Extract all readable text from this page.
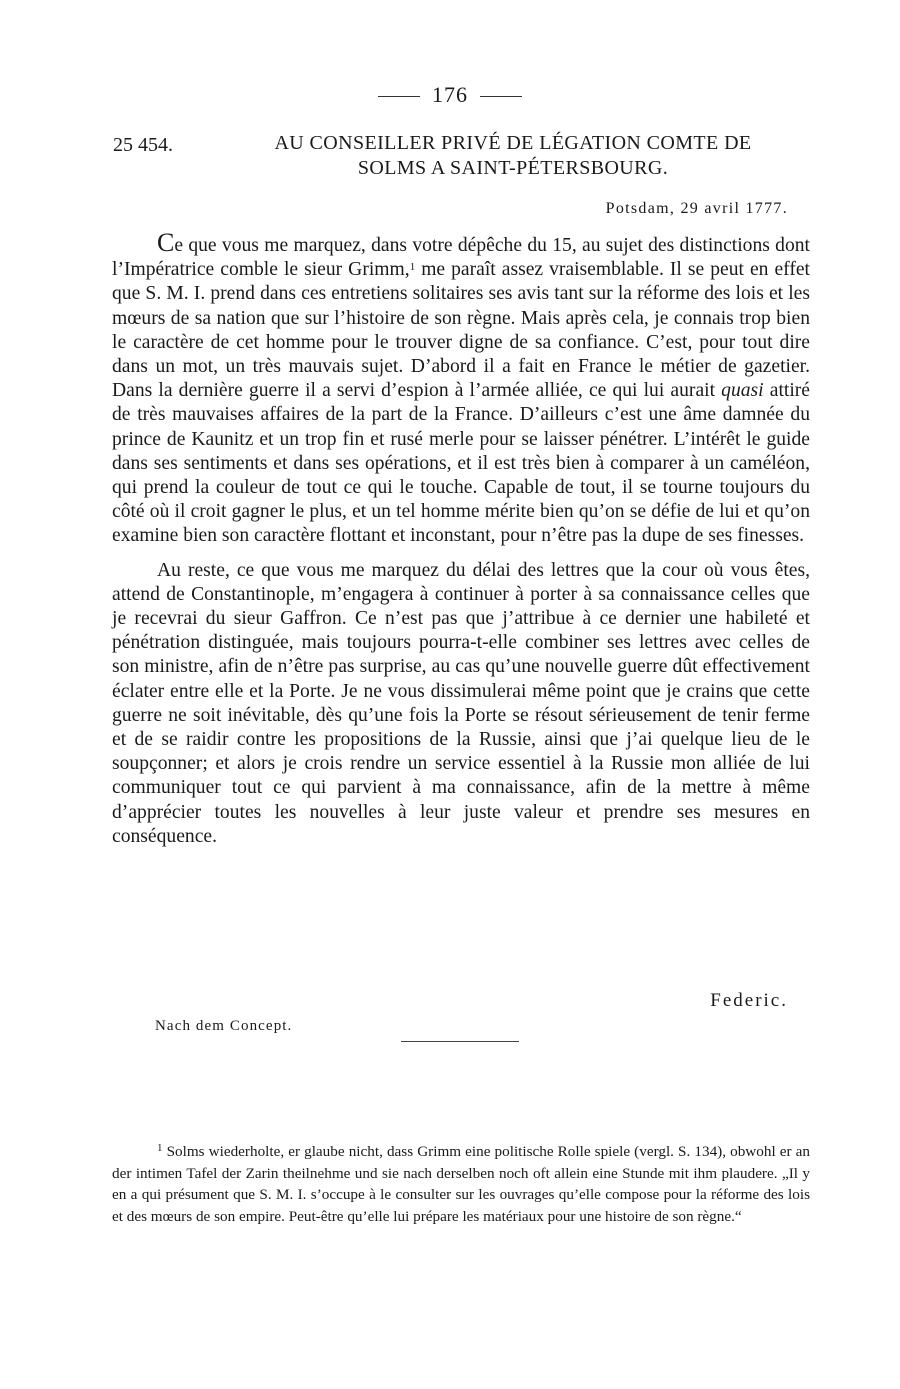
176
25 454.	AU CONSEILLER PRIVÉ DE LÉGATION COMTE DE
SOLMS A SAINT-PÉTERSBOURG.
Potsdam, 29 avril 1777.

Ce que vous me marquez, dans votre dépêche du 15, au sujet des distinctions dont l’Impératrice comble le sieur Grimm,$^1$ me paraît assez vraisemblable. Il se peut en effet que S. M. I. prend dans ces entretiens solitaires ses avis tant sur la réforme des lois et les mœurs de sa nation que sur l’histoire de son règne. Mais après cela, je connais trop bien le caractère de cet homme pour le trouver digne de sa confiance. C’est, pour tout dire dans un mot, un très mauvais sujet. D’abord il a fait en France le métier de gazetier. Dans la dernière guerre il a servi d’espion à l’armée alliée, ce qui lui aurait quasi attiré de très mauvaises affaires de la part de la France. D’ailleurs c’est une âme damnée du prince de Kaunitz et un trop fin et rusé merle pour se laisser pénétrer. L’intérêt le guide dans ses sentiments et dans ses opérations, et il est très bien à comparer à un caméléon, qui prend la couleur de tout ce qui le touche. Capable de tout, il se tourne toujours du côté où il croit gagner le plus, et un tel homme mérite bien qu’on se défie de lui et qu’on examine bien son caractère flottant et inconstant, pour n’être pas la dupe de ses finesses.

Au reste, ce que vous me marquez du délai des lettres que la cour où vous êtes, attend de Constantinople, m’engagera à continuer à porter à sa connaissance celles que je recevrai du sieur Gaffron. Ce n’est pas que j’attribue à ce dernier une habileté et pénétration distinguée, mais toujours pourra-t-elle combiner ses lettres avec celles de son ministre, afin de n’être pas surprise, au cas qu’une nouvelle guerre dût effectivement éclater entre elle et la Porte. Je ne vous dissimulerai même point que je crains que cette guerre ne soit inévitable, dès qu’une fois la Porte se résout sérieusement de tenir ferme et de se raidir contre les propositions de la Russie, ainsi que j’ai quelque lieu de le soupçonner; et alors je crois rendre un service essentiel à la Russie mon alliée de lui communiquer tout ce qui parvient à ma connaissance, afin de la mettre à même d’apprécier toutes les nouvelles à leur juste valeur et prendre ses mesures en conséquence.

Federic.
Nach dem Concept.

$^1$ Solms wiederholte, er glaube nicht, dass Grimm eine politische Rolle spiele (vergl. S. 134), obwohl er an der intimen Tafel der Zarin theilnehme und sie nach derselben noch oft allein eine Stunde mit ihm plaudere. „Il y en a qui présument que S. M. I. s’occupe à le consulter sur les ouvrages qu’elle compose pour la réforme des lois et des mœurs de son empire. Peut-être qu’elle lui prépare les matériaux pour une histoire de son règne.“
